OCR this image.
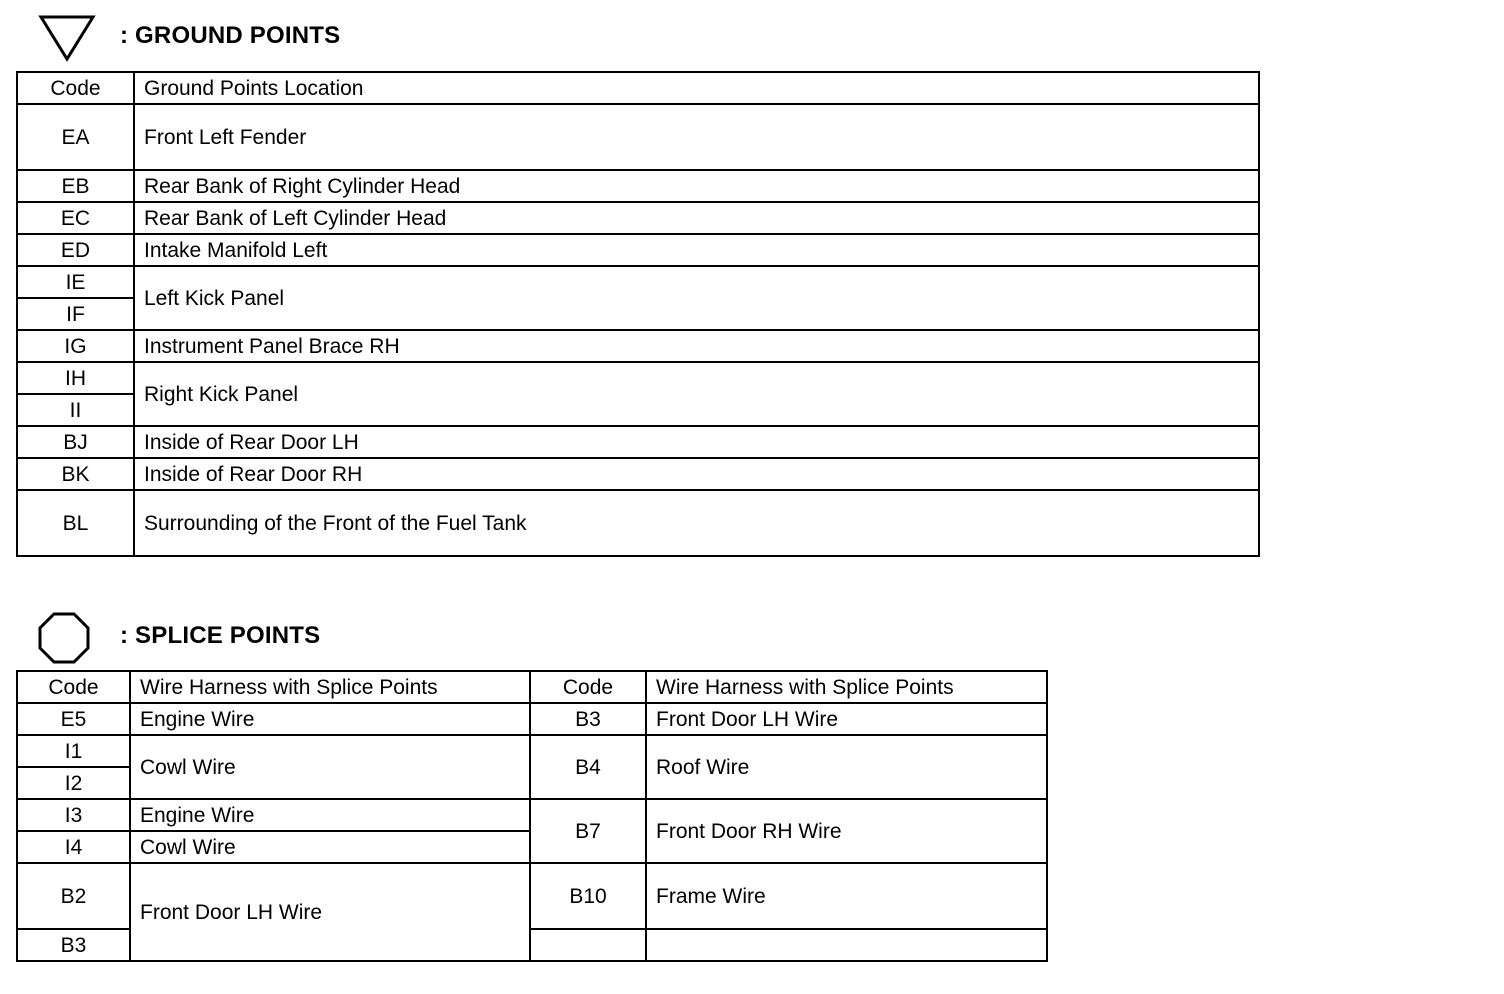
: GROUND POINTS
Code	Ground Points Location
EA	Front Left Fender
EB	Rear Bank of Right Cylinder Head
EC	Rear Bank of Left Cylinder Head
ED	Intake Manifold Left
IE	Left Kick Panel
IF	
IG	Instrument Panel Brace RH
IH	Right Kick Panel
II	
BJ	Inside of Rear Door LH
BK	Inside of Rear Door RH
BL	Surrounding of the Front of the Fuel Tank
: SPLICE POINTS
Code	Wire Harness with Splice Points	Code	Wire Harness with Splice Points
E5	Engine Wire	B3	Front Door LH Wire
I1	Cowl Wire	B4	Roof Wire
I2			
I3	Engine Wire	B7	Front Door RH Wire
I4	Cowl Wire		
B2	Front Door LH Wire	B10	Frame Wire
B3			
